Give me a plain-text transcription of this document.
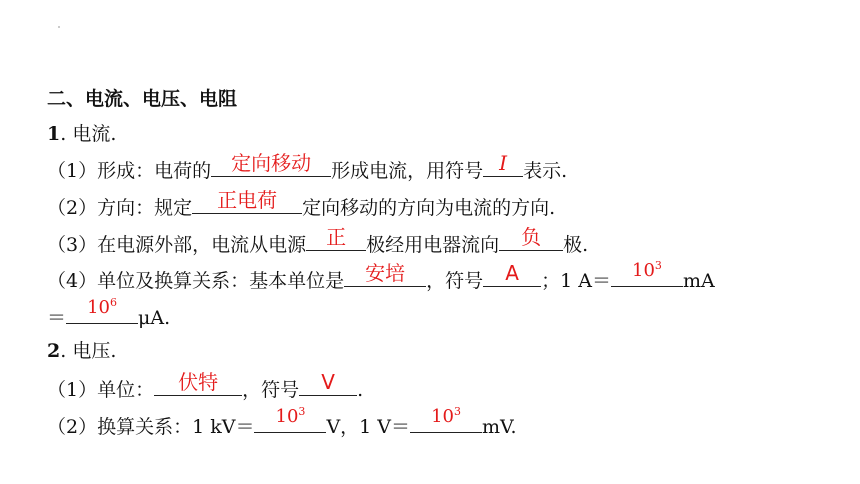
二、电流、电压、电阻
1. 电流.
（1）形成：电荷的	定向移动	形成电流，用符号 I 表示.
（2）方向：规定	正电荷	定向移动的方向为电流的方向.
（3）在电源外部，电流从电源	正	极经用电器流向	负	极.
（4）单位及换算关系：基本单位是	安培	，符号	A	；1 A＝	$10^3$
mA
＝	$10^6$
μA.
2. 电压.
（1）单位：	伏特	，符号	V	.
（2）换算关系：1 kV＝	$10^3$
V，1 V＝	$10^3$
mV.
